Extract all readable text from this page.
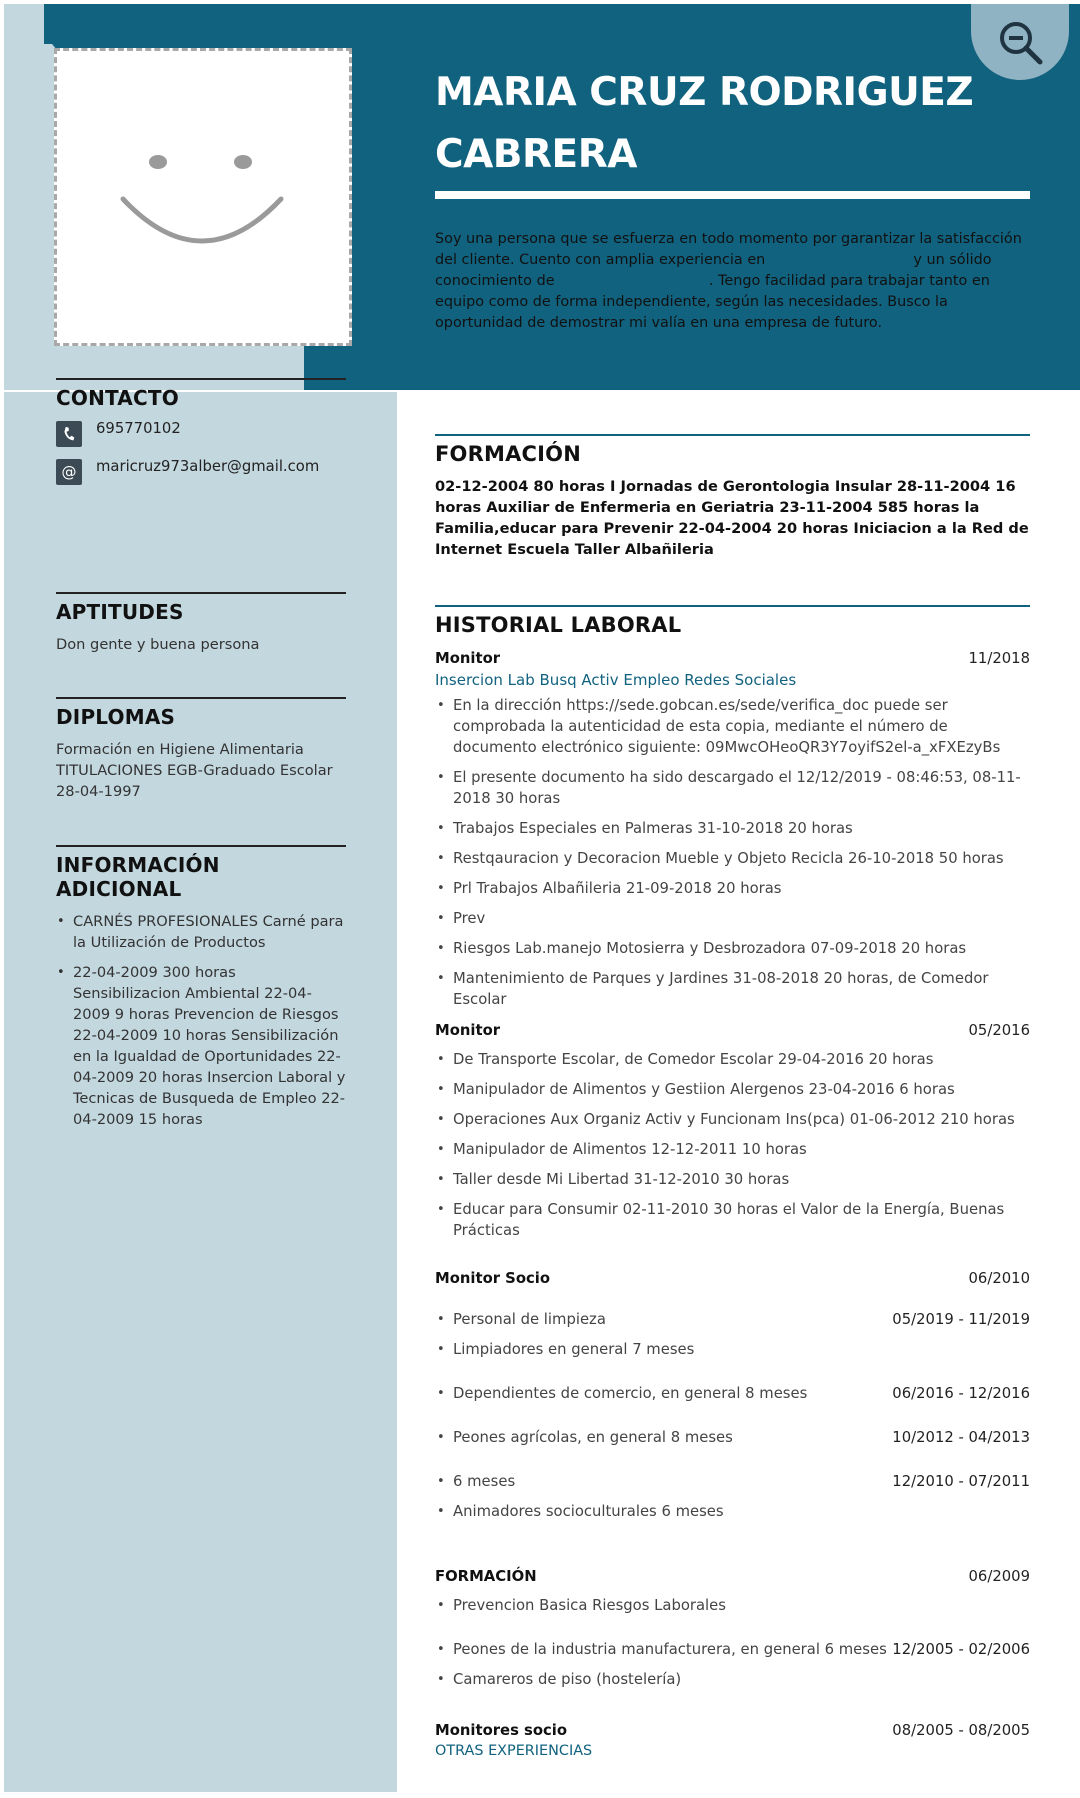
MARIA CRUZ RODRIGUEZ CABRERA
Soy una persona que se esfuerza en todo momento por garantizar la satisfacción del cliente. Cuento con amplia experiencia en [Sector o Industria] y un sólido conocimiento de [Producto o Servicio]. Tengo facilidad para trabajar tanto en equipo como de forma independiente, según las necesidades. Busco la oportunidad de demostrar mi valía en una empresa de futuro.
CONTACTO
695770102
@	maricruz973alber@gmail.com
APTITUDES
Don gente y buena persona
DIPLOMAS
Formación en Higiene Alimentaria
TITULACIONES EGB-Graduado Escolar
28-04-1997
INFORMACIÓN ADICIONAL
• CARNÉS PROFESIONALES Carné para la Utilización de Productos
• 22-04-2009 300 horas Sensibilizacion Ambiental 22-04-2009 9 horas Prevencion de Riesgos 22-04-2009 10 horas Sensibilización en la Igualdad de Oportunidades 22-04-2009 20 horas Insercion Laboral y Tecnicas de Busqueda de Empleo 22-04-2009 15 horas
FORMACIÓN
02-12-2004 80 horas I Jornadas de Gerontologia Insular 28-11-2004 16 horas Auxiliar de Enfermeria en Geriatria 23-11-2004 585 horas la Familia,educar para Prevenir 22-04-2004 20 horas Iniciacion a la Red de Internet Escuela Taller Albañileria
HISTORIAL LABORAL
Monitor	11/2018
Insercion Lab Busq Activ Empleo Redes Sociales
• En la dirección https://sede.gobcan.es/sede/verifica_doc puede ser comprobada la autenticidad de esta copia, mediante el número de documento electrónico siguiente: 09MwcOHeoQR3Y7oyifS2el-a_xFXEzyBs
• El presente documento ha sido descargado el 12/12/2019 - 08:46:53, 08-11-2018 30 horas
• Trabajos Especiales en Palmeras 31-10-2018 20 horas
• Restqauracion y Decoracion Mueble y Objeto Recicla 26-10-2018 50 horas
• Prl Trabajos Albañileria 21-09-2018 20 horas
• Prev
• Riesgos Lab.manejo Motosierra y Desbrozadora 07-09-2018 20 horas
• Mantenimiento de Parques y Jardines 31-08-2018 20 horas, de Comedor Escolar
Monitor	05/2016
• De Transporte Escolar, de Comedor Escolar 29-04-2016 20 horas
• Manipulador de Alimentos y Gestiion Alergenos 23-04-2016 6 horas
• Operaciones Aux Organiz Activ y Funcionam Ins(pca) 01-06-2012 210 horas
• Manipulador de Alimentos 12-12-2011 10 horas
• Taller desde Mi Libertad 31-12-2010 30 horas
• Educar para Consumir 02-11-2010 30 horas el Valor de la Energía, Buenas Prácticas
Monitor Socio	06/2010
• Personal de limpieza	05/2019 - 11/2019
• Limpiadores en general 7 meses
• Dependientes de comercio, en general 8 meses	06/2016 - 12/2016
• Peones agrícolas, en general 8 meses	10/2012 - 04/2013
• 6 meses	12/2010 - 07/2011
• Animadores socioculturales 6 meses
FORMACIÓN	06/2009
• Prevencion Basica Riesgos Laborales
• Peones de la industria manufacturera, en general 6 meses 12/2005 - 02/2006
• Camareros de piso (hostelería)
Monitores socio	08/2005 - 08/2005
OTRAS EXPERIENCIAS
